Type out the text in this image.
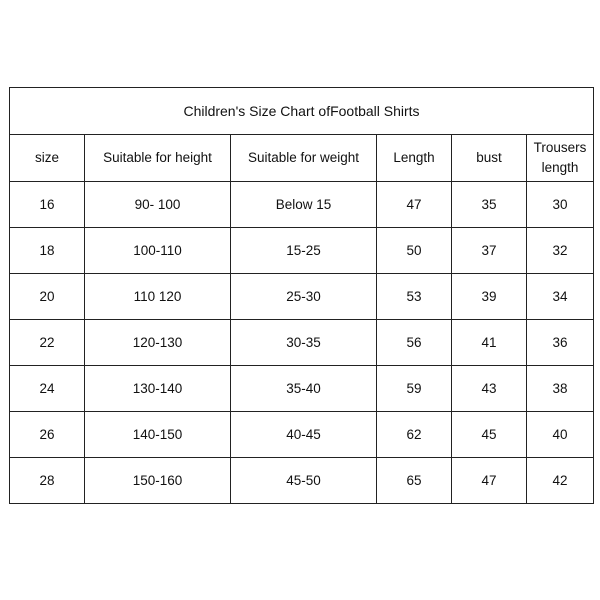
Children's Size Chart ofFootball Shirts					
size	Suitable for height	Suitable for weight	Length	bust	Trousers
length

16	90- 100	Below 15	47	35	30
18	100-110	15-25	50	37	32
20	110 120	25-30	53	39	34
22	120-130	30-35	56	41	36
24	130-140	35-40	59	43	38
26	140-150	40-45	62	45	40
28	150-160	45-50	65	47	42
